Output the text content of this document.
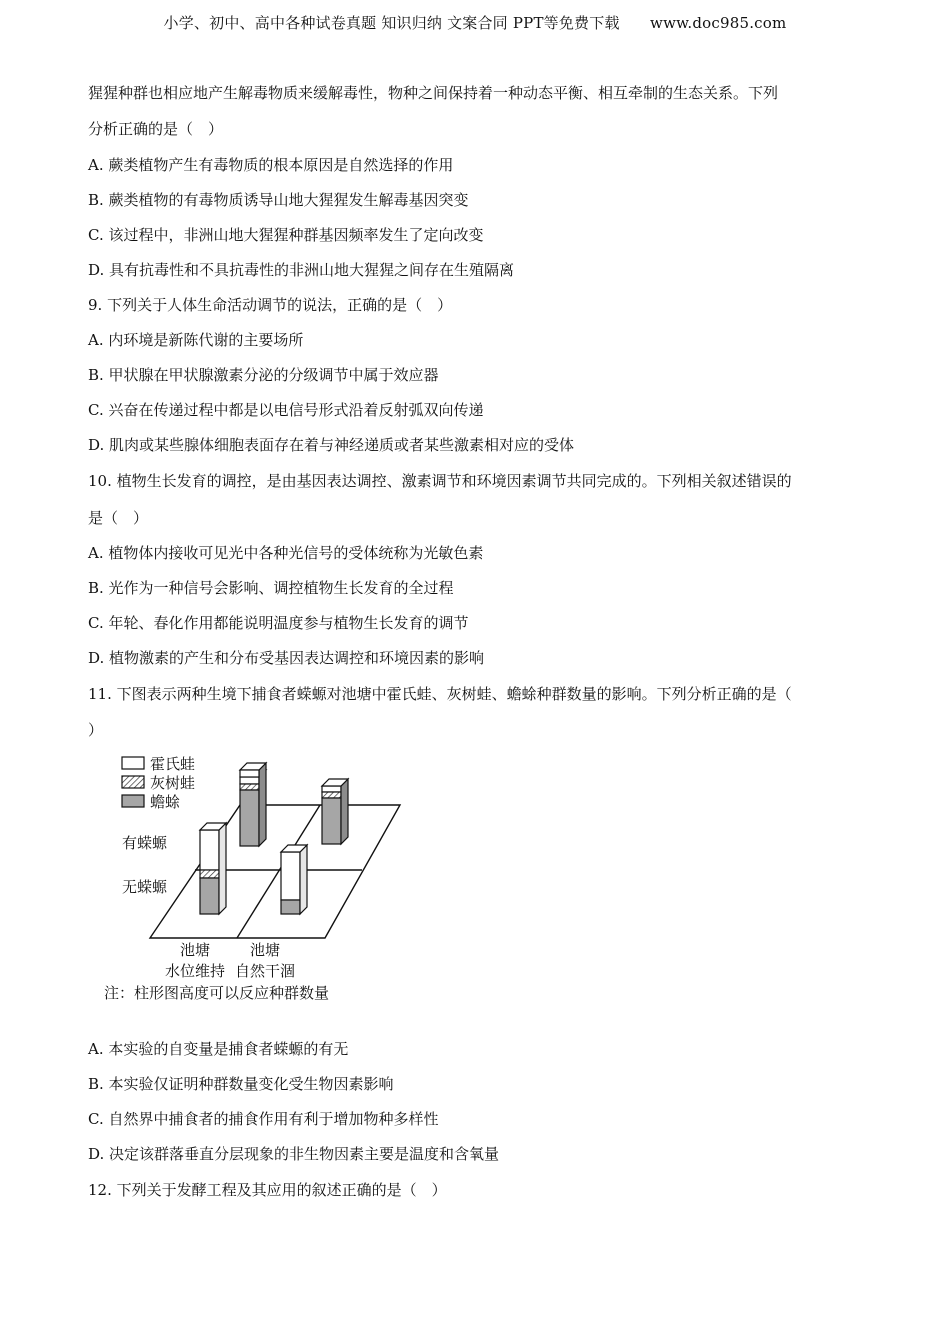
小学、初中、高中各种试卷真题 知识归纳 文案合同 PPT等免费下载　　www.doc985.com
猩猩种群也相应地产生解毒物质来缓解毒性，物种之间保持着一种动态平衡、相互牵制的生态关系。下列
分析正确的是（　）
A. 蕨类植物产生有毒物质的根本原因是自然选择的作用
B. 蕨类植物的有毒物质诱导山地大猩猩发生解毒基因突变
C. 该过程中，非洲山地大猩猩种群基因频率发生了定向改变
D. 具有抗毒性和不具抗毒性的非洲山地大猩猩之间存在生殖隔离
9. 下列关于人体生命活动调节的说法，正确的是（　）
A. 内环境是新陈代谢的主要场所
B. 甲状腺在甲状腺激素分泌的分级调节中属于效应器
C. 兴奋在传递过程中都是以电信号形式沿着反射弧双向传递
D. 肌肉或某些腺体细胞表面存在着与神经递质或者某些激素相对应的受体
10. 植物生长发育的调控，是由基因表达调控、激素调节和环境因素调节共同完成的。下列相关叙述错误的
是（　）
A. 植物体内接收可见光中各种光信号的受体统称为光敏色素
B. 光作为一种信号会影响、调控植物生长发育的全过程
C. 年轮、春化作用都能说明温度参与植物生长发育的调节
D. 植物激素的产生和分布受基因表达调控和环境因素的影响
11. 下图表示两种生境下捕食者蝾螈对池塘中霍氏蛙、灰树蛙、蟾蜍种群数量的影响。下列分析正确的是（
）
A. 本实验的自变量是捕食者蝾螈的有无
B. 本实验仅证明种群数量变化受生物因素影响
C. 自然界中捕食者的捕食作用有利于增加物种多样性
D. 决定该群落垂直分层现象的非生物因素主要是温度和含氧量
12. 下列关于发酵工程及其应用的叙述正确的是（　）
霍氏蛙
灰树蛙
蟾蜍
有蝾螈
无蝾螈
池塘
水位维持
池塘
自然干涸
注：柱形图高度可以反应种群数量
